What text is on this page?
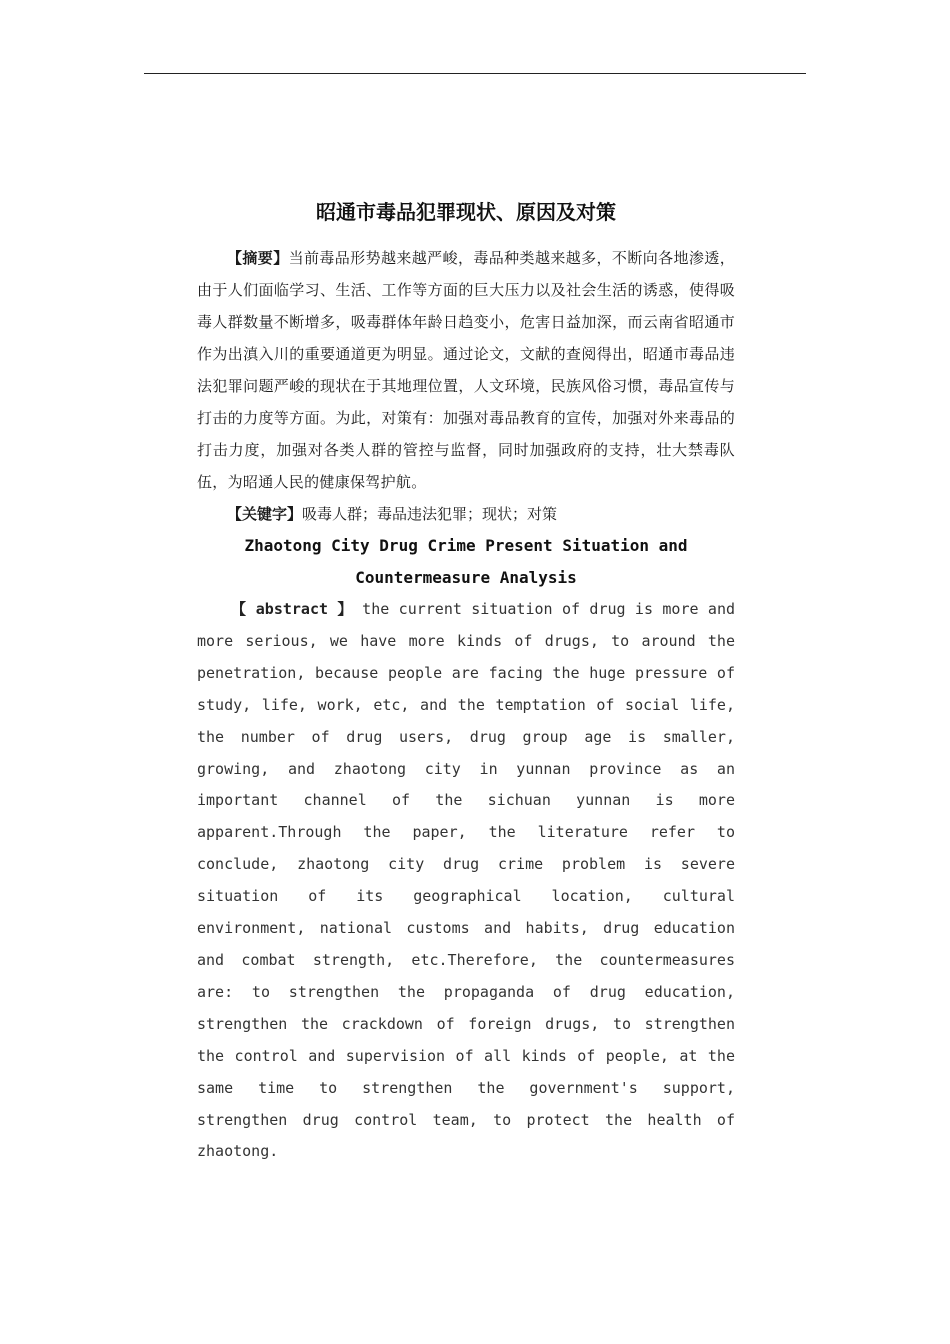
昭通市毒品犯罪现状、原因及对策

【摘要】当前毒品形势越来越严峻，毒品种类越来越多，不断向各地渗透，由于人们面临学习、生活、工作等方面的巨大压力以及社会生活的诱惑，使得吸毒人群数量不断增多，吸毒群体年龄日趋变小，危害日益加深，而云南省昭通市作为出滇入川的重要通道更为明显。通过论文，文献的查阅得出，昭通市毒品违法犯罪问题严峻的现状在于其地理位置，人文环境，民族风俗习惯，毒品宣传与打击的力度等方面。为此，对策有：加强对毒品教育的宣传，加强对外来毒品的打击力度，加强对各类人群的管控与监督，同时加强政府的支持，壮大禁毒队伍，为昭通人民的健康保驾护航。

【关键字】吸毒人群；毒品违法犯罪；现状；对策

Zhaotong City Drug Crime Present Situation and
Countermeasure Analysis

【 abstract 】 the current situation of drug is more and more serious, we have more kinds of drugs, to around the penetration, because people are facing the huge pressure of study, life, work, etc, and the temptation of social life, the number of drug users, drug group age is smaller, growing, and zhaotong city in yunnan province as an important channel of the sichuan yunnan is more apparent.Through the paper, the literature refer to conclude, zhaotong city drug crime problem is severe situation of its geographical location, cultural environment, national customs and habits, drug education and combat strength, etc.Therefore, the countermeasures are: to strengthen the propaganda of drug education, strengthen the crackdown of foreign drugs, to strengthen the control and supervision of all kinds of people, at the same time to strengthen the government's support, strengthen drug control team, to protect the health of zhaotong.
